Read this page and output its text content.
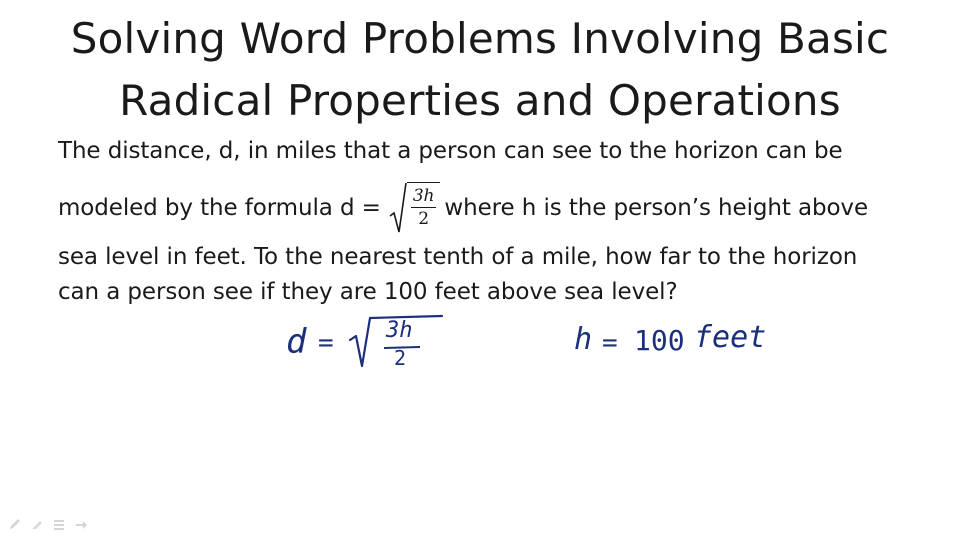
Solving Word Problems Involving Basic
Radical Properties and Operations
The distance, d, in miles that a person can see to the horizon can be
modeled by the formula $d = \frac{3h}{2}$ where h is the person’s height above
sea level in feet. To the nearest tenth of a mile, how far to the horizon
can a person see if they are 100 feet above sea level?
d = 3h
2
h = 100 feet
